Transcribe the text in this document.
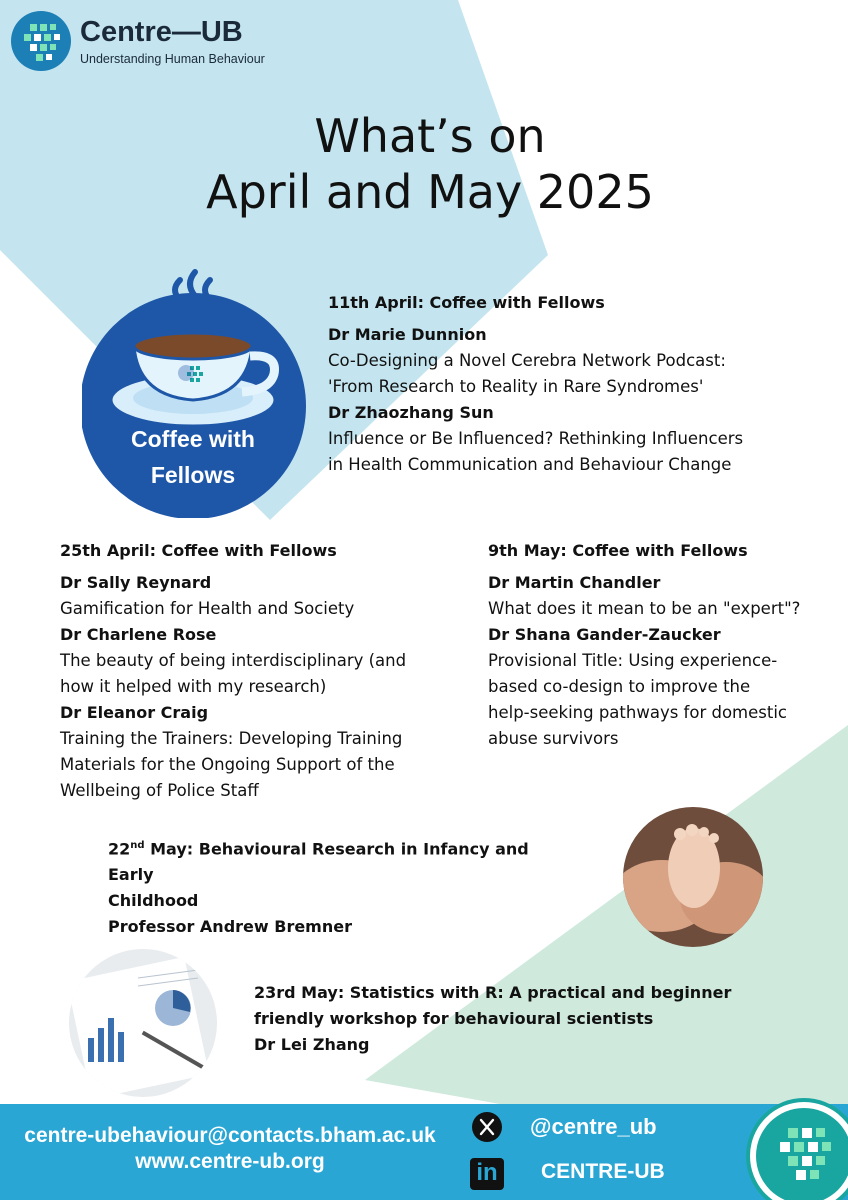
Centre—UB
Understanding Human Behaviour
What’s on
April and May 2025
Coffee with
Fellows
11th April: Coffee with Fellows
Dr Marie Dunnion
Co-Designing a Novel Cerebra Network Podcast:
'From Research to Reality in Rare Syndromes'
Dr Zhaozhang Sun
Influence or Be Influenced? Rethinking Influencers
in Health Communication and Behaviour Change
25th April: Coffee with Fellows
Dr Sally Reynard
Gamification for Health and Society
Dr Charlene Rose
The beauty of being interdisciplinary (and
how it helped with my research)
Dr Eleanor Craig
Training the Trainers: Developing Training
Materials for the Ongoing Support of the
Wellbeing of Police Staff
9th May: Coffee with Fellows
Dr Martin Chandler
What does it mean to be an "expert"?
Dr Shana Gander-Zaucker
Provisional Title: Using experience-
based co-design to improve the
help-seeking pathways for domestic
abuse survivors
22nd May: Behavioural Research in Infancy and Early
Childhood
Professor Andrew Bremner
23rd May: Statistics with R: A practical and beginner
friendly workshop for behavioural scientists
Dr Lei Zhang
centre-ubehaviour@contacts.bham.ac.uk
www.centre-ub.org
@centre_ub
in	CENTRE-UB
